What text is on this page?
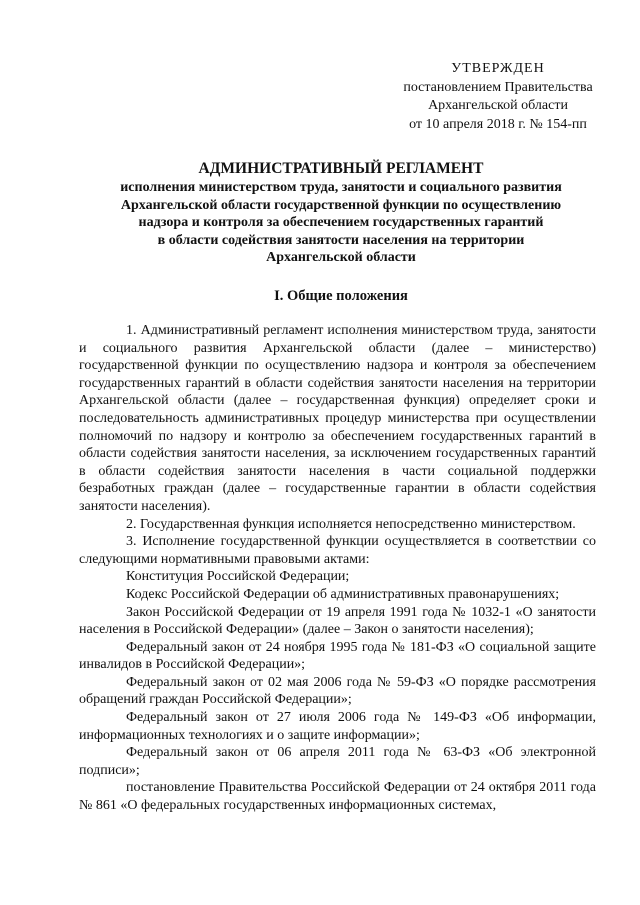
УТВЕРЖДЕН
постановлением Правительства
Архангельской области
от 10 апреля 2018 г. № 154-пп
АДМИНИСТРАТИВНЫЙ РЕГЛАМЕНТ
исполнения министерством труда, занятости и социального развития
Архангельской области государственной функции по осуществлению
надзора и контроля за обеспечением государственных гарантий
в области содействия занятости населения на территории
Архангельской области
I. Общие положения

1. Административный регламент исполнения министерством труда, занятости и социального развития Архангельской области (далее – министерство) государственной функции по осуществлению надзора и контроля за обеспечением государственных гарантий в области содействия занятости населения на территории Архангельской области (далее – государственная функция) определяет сроки и последовательность административных процедур министерства при осуществлении полномочий по надзору и контролю за обеспечением государственных гарантий в области содействия занятости населения, за исключением государственных гарантий в области содействия занятости населения в части социальной поддержки безработных граждан (далее – государственные гарантии в области содействия занятости населения).

2. Государственная функция исполняется непосредственно министерством.

3. Исполнение государственной функции осуществляется в соответствии со следующими нормативными правовыми актами:

Конституция Российской Федерации;

Кодекс Российской Федерации об административных правонарушениях;

Закон Российской Федерации от 19 апреля 1991 года № 1032-1 «О занятости населения в Российской Федерации» (далее – Закон о занятости населения);

Федеральный закон от 24 ноября 1995 года № 181-ФЗ «О социальной защите инвалидов в Российской Федерации»;

Федеральный закон от 02 мая 2006 года № 59-ФЗ «О порядке рассмотрения обращений граждан Российской Федерации»;

Федеральный закон от 27 июля 2006 года № 149-ФЗ «Об информации, информационных технологиях и о защите информации»;

Федеральный закон от 06 апреля 2011 года № 63-ФЗ «Об электронной подписи»;

постановление Правительства Российской Федерации от 24 октября 2011 года № 861 «О федеральных государственных информационных системах,
